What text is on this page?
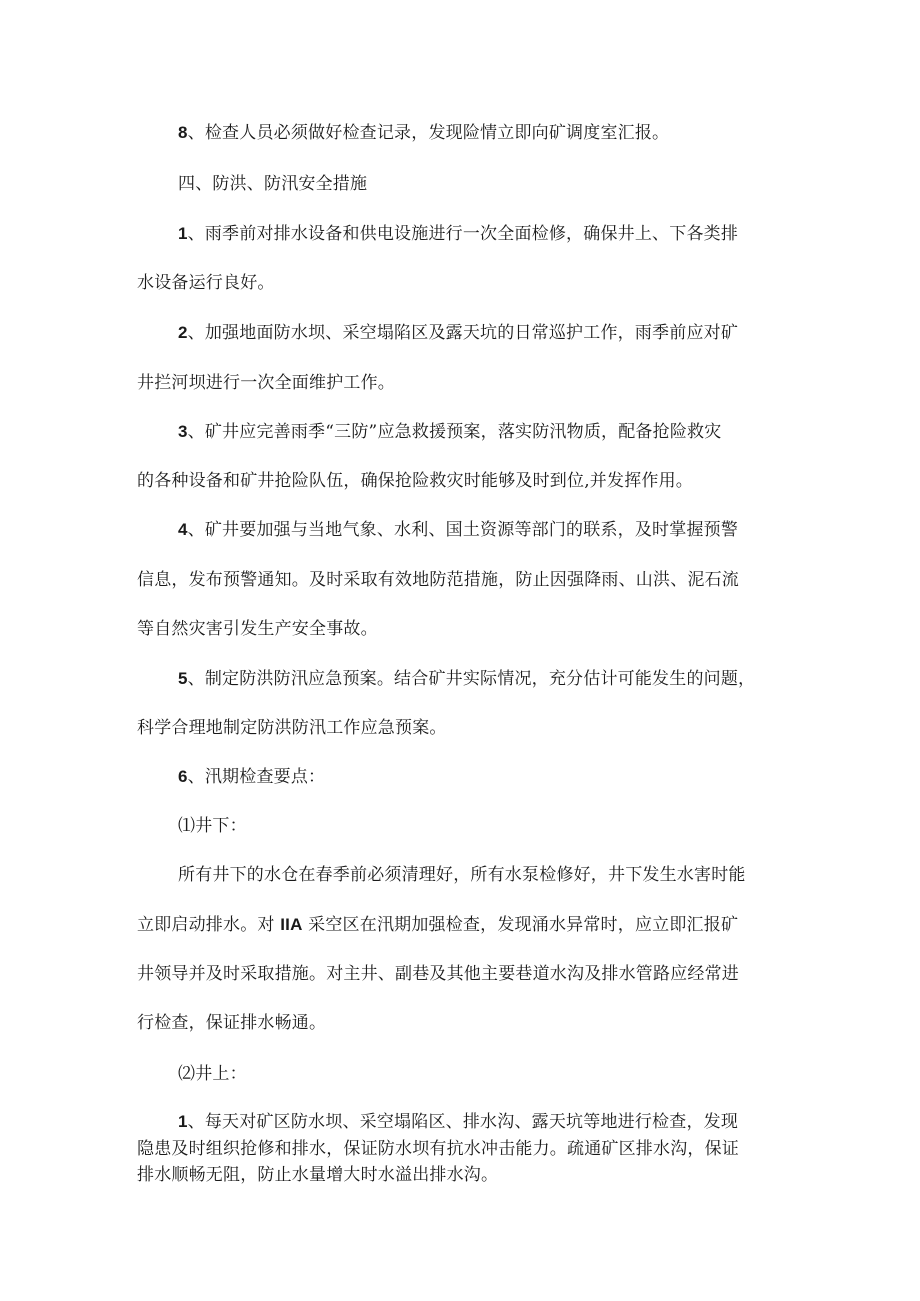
8、检查人员必须做好检查记录，发现险情立即向矿调度室汇报。
四、防洪、防汛安全措施
1、雨季前对排水设备和供电设施进行一次全面检修，确保井上、下各类排
水设备运行良好。
2、加强地面防水坝、采空塌陷区及露天坑的日常巡护工作，雨季前应对矿
井拦河坝进行一次全面维护工作。
3、矿井应完善雨季“三防”应急救援预案，落实防汛物质，配备抢险救灾
的各种设备和矿井抢险队伍，确保抢险救灾时能够及时到位,并发挥作用。
4、矿井要加强与当地气象、水利、国土资源等部门的联系，及时掌握预警
信息，发布预警通知。及时采取有效地防范措施，防止因强降雨、山洪、泥石流
等自然灾害引发生产安全事故。
5、制定防洪防汛应急预案。结合矿井实际情况，充分估计可能发生的问题，
科学合理地制定防洪防汛工作应急预案。
6、汛期检查要点：
⑴井下：
所有井下的水仓在春季前必须清理好，所有水泵检修好，井下发生水害时能
立即启动排水。对 IIA 采空区在汛期加强检查，发现涌水异常时，应立即汇报矿
井领导并及时采取措施。对主井、副巷及其他主要巷道水沟及排水管路应经常进
行检查，保证排水畅通。
⑵井上：
1、每天对矿区防水坝、采空塌陷区、排水沟、露天坑等地进行检查，发现
隐患及时组织抢修和排水，保证防水坝有抗水冲击能力。疏通矿区排水沟，保证
排水顺畅无阻，防止水量增大时水溢出排水沟。
